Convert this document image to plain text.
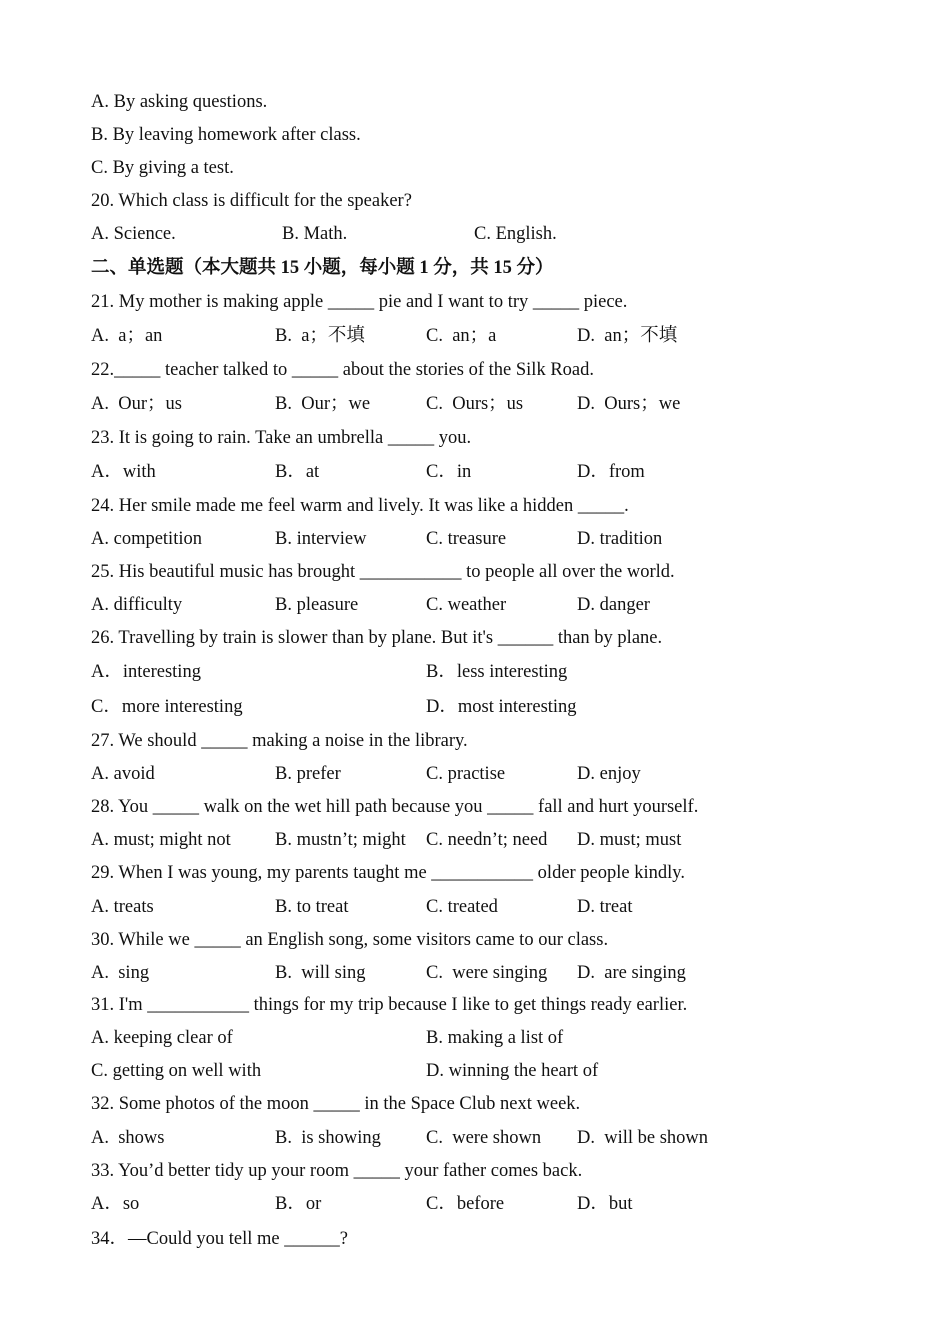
A. By asking questions.
B. By leaving homework after class.
C. By giving a test.
20. Which class is difficult for the speaker?
A. Science.	B. Math.	C. English.
二、单选题（本大题共 15 小题，每小题 1 分，共 15 分）
21. My mother is making apple _____ pie and I want to try _____ piece.
A.  a；an	B.  a；不填	C.  an；a	D.  an；不填
22._____ teacher talked to _____ about the stories of the Silk Road.
A.  Our；us	B.  Our；we	C.  Ours；us	D.  Ours；we
23. It is going to rain. Take an umbrella _____ you.
A．with	B．at	C．in	D．from
24. Her smile made me feel warm and lively. It was like a hidden _____.
A. competition	B. interview	C. treasure	D. tradition
25. His beautiful music has brought ___________ to people all over the world.
A. difficulty	B. pleasure	C. weather	D. danger
26. Travelling by train is slower than by plane. But it's ______ than by plane.
A．interesting	B．less interesting
C．more interesting	D．most interesting
27. We should _____ making a noise in the library.
A. avoid	B. prefer	C. practise	D. enjoy
28. You _____ walk on the wet hill path because you _____ fall and hurt yourself.
A. must; might not B. mustn’t; might C. needn’t; need D. must; must
29. When I was young, my parents taught me ___________ older people kindly.
A. treats	B. to treat	C. treated	D. treat
30. While we _____ an English song, some visitors came to our class.
A.  sing	B.  will sing	C.  were singing D.  are singing
31. I'm ___________ things for my trip because I like to get things ready earlier.
A. keeping clear of	B. making a list of
C. getting on well with	D. winning the heart of
32. Some photos of the moon _____ in the Space Club next week.
A.  shows	B.  is showing C.  were shown D.  will be shown
33. You’d better tidy up your room _____ your father comes back.
A．so	B．or	C．before	D．but
34．—Could you tell me ______?
